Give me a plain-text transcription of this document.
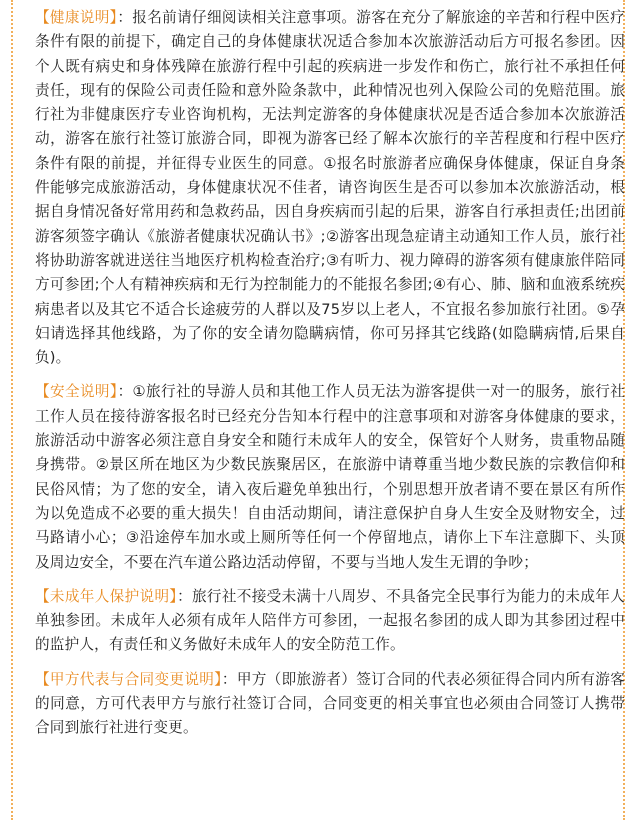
【健康说明】：报名前请仔细阅读相关注意事项。游客在充分了解旅途的辛苦和行程中医疗条件有限的前提下，确定自己的身体健康状况适合参加本次旅游活动后方可报名参团。因个人既有病史和身体残障在旅游行程中引起的疾病进一步发作和伤亡，旅行社不承担任何责任，现有的保险公司责任险和意外险条款中，此种情况也列入保险公司的免赔范围。旅行社为非健康医疗专业咨询机构，无法判定游客的身体健康状况是否适合参加本次旅游活动，游客在旅行社签订旅游合同，即视为游客已经了解本次旅行的辛苦程度和行程中医疗条件有限的前提，并征得专业医生的同意。①报名时旅游者应确保身体健康，保证自身条件能够完成旅游活动，身体健康状况不佳者，请咨询医生是否可以参加本次旅游活动，根据自身情况备好常用药和急救药品，因自身疾病而引起的后果，游客自行承担责任;出团前游客须签字确认《旅游者健康状况确认书》;②游客出现急症请主动通知工作人员，旅行社将协助游客就进送往当地医疗机构检查治疗;③有听力、视力障碍的游客须有健康旅伴陪同方可参团;个人有精神疾病和无行为控制能力的不能报名参团;④有心、肺、脑和血液系统疾病患者以及其它不适合长途疲劳的人群以及75岁以上老人，不宜报名参加旅行社团。⑤孕妇请选择其他线路，为了你的安全请勿隐瞒病情，你可另择其它线路(如隐瞒病情,后果自负)。

【安全说明】：①旅行社的导游人员和其他工作人员无法为游客提供一对一的服务，旅行社工作人员在接待游客报名时已经充分告知本行程中的注意事项和对游客身体健康的要求，旅游活动中游客必须注意自身安全和随行未成年人的安全，保管好个人财务，贵重物品随身携带。②景区所在地区为少数民族聚居区，在旅游中请尊重当地少数民族的宗教信仰和民俗风情；为了您的安全，请入夜后避免单独出行，个别思想开放者请不要在景区有所作为以免造成不必要的重大损失！自由活动期间，请注意保护自身人生安全及财物安全，过马路请小心；③沿途停车加水或上厕所等任何一个停留地点，请你上下车注意脚下、头顶及周边安全，不要在汽车道公路边活动停留，不要与当地人发生无谓的争吵；

【未成年人保护说明】：旅行社不接受未满十八周岁、不具备完全民事行为能力的未成年人单独参团。未成年人必须有成年人陪伴方可参团，一起报名参团的成人即为其参团过程中的监护人，有责任和义务做好未成年人的安全防范工作。

【甲方代表与合同变更说明】：甲方（即旅游者）签订合同的代表必须征得合同内所有游客的同意，方可代表甲方与旅行社签订合同，合同变更的相关事宜也必须由合同签订人携带合同到旅行社进行变更。
